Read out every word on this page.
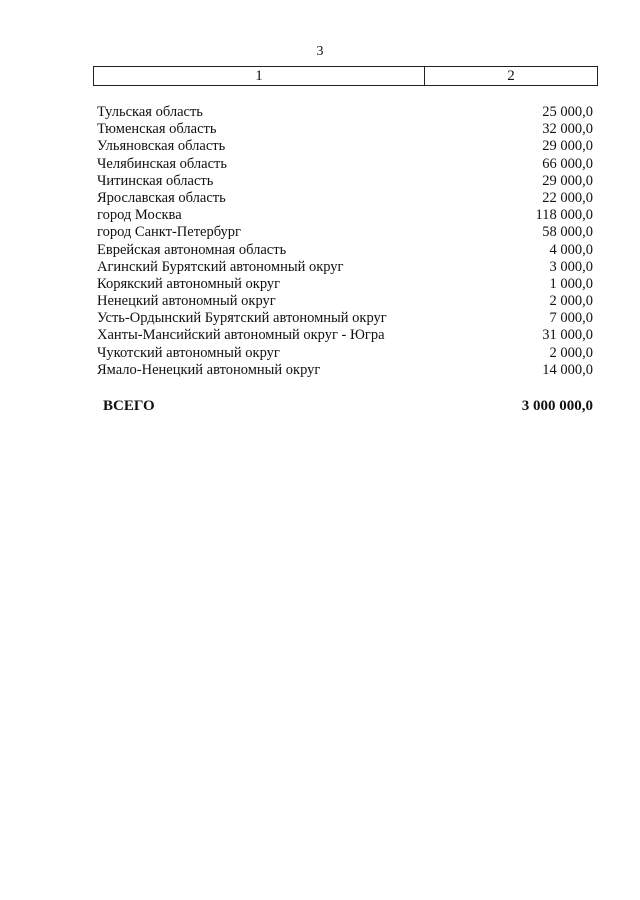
3
1	2
Тульская область	25 000,0
Тюменская область	32 000,0
Ульяновская область	29 000,0
Челябинская область	66 000,0
Читинская область	29 000,0
Ярославская область	22 000,0
город Москва	118 000,0
город Санкт-Петербург	58 000,0
Еврейская автономная область	4 000,0
Агинский Бурятский автономный округ	3 000,0
Корякский автономный округ	1 000,0
Ненецкий автономный округ	2 000,0
Усть-Ордынский Бурятский автономный округ	7 000,0
Ханты-Мансийский автономный округ - Югра	31 000,0
Чукотский автономный округ	2 000,0
Ямало-Ненецкий автономный округ	14 000,0
ВСЕГО	3 000 000,0
